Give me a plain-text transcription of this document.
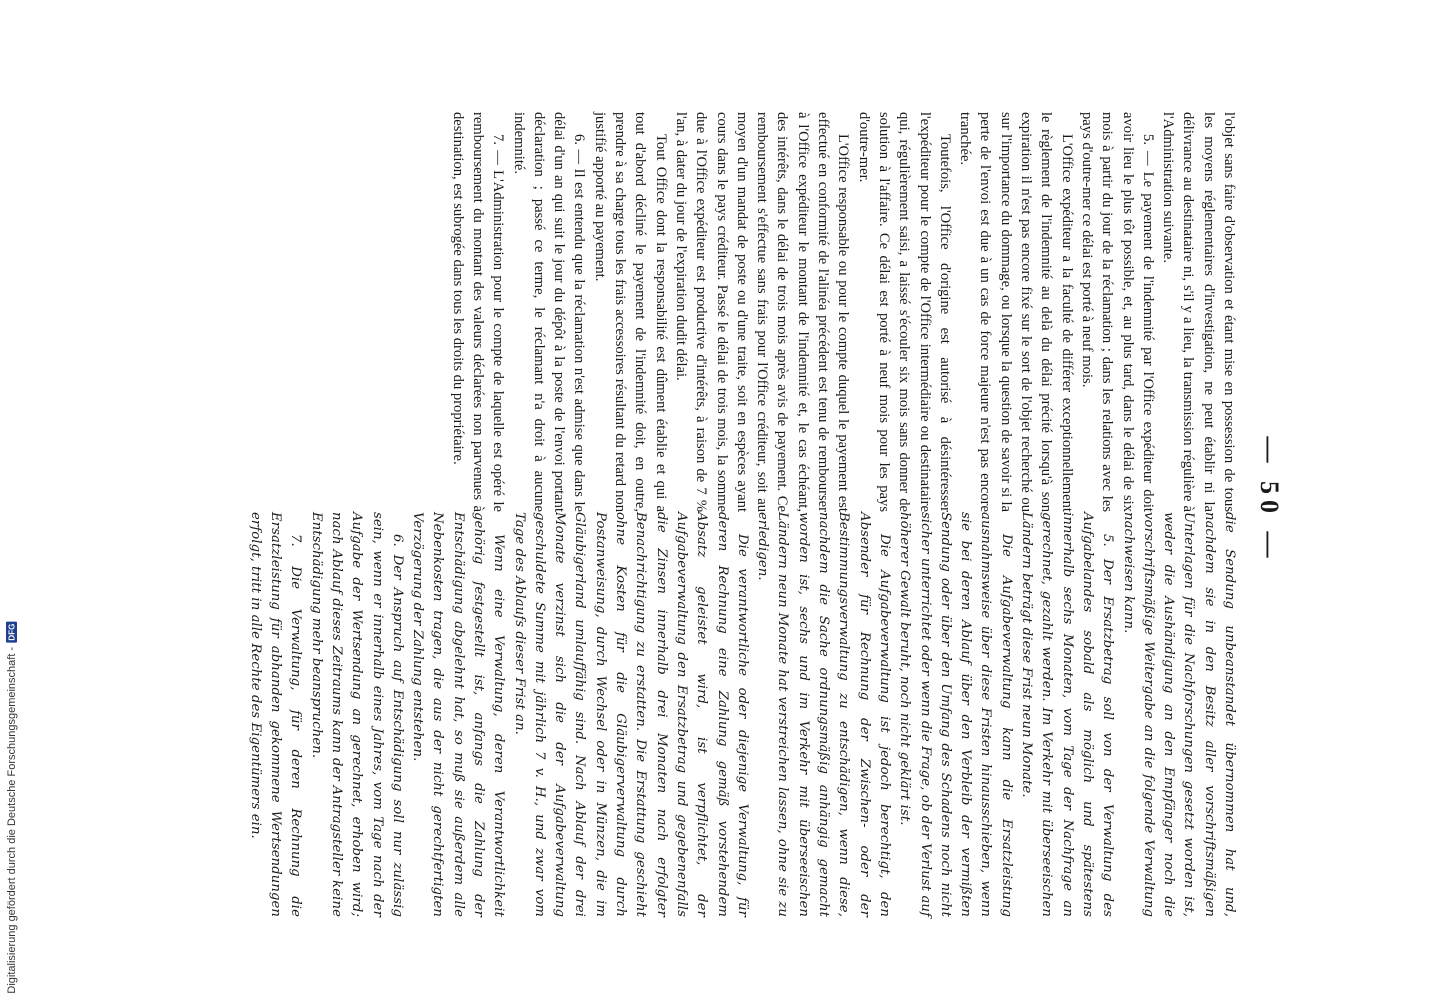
— 50 —

l'objet sans faire d'observation et étant mise en possession de tous les moyens réglementaires d'investigation, ne peut établir ni la délivrance au destinataire ni, s'il y a lieu, la transmission régulière à l'Administration suivante.

5. — Le payement de l'indemnité par l'Office expéditeur doit avoir lieu le plus tôt possible, et, au plus tard, dans le délai de six mois à partir du jour de la réclamation ; dans les relations avec les pays d'outre-mer ce délai est porté à neuf mois.

L'Office expéditeur a la faculté de différer exceptionnellement le règlement de l'indemnité au delà du délai précité lorsqu'à son expiration il n'est pas encore fixé sur le sort de l'objet recherché ou sur l'importance du dommage, ou lorsque la question de savoir si la perte de l'envoi est due à un cas de force majeure n'est pas encore tranchée.

Toutefois, l'Office d'origine est autorisé à désintéresser l'expéditeur pour le compte de l'Office intermédiaire ou destinataire qui, régulièrement saisi, a laissé s'écouler six mois sans donner de solution à l'affaire. Ce délai est porté à neuf mois pour les pays d'outre-mer.

L'Office responsable ou pour le compte duquel le payement est effectué en conformité de l'alinéa précédent est tenu de rembourser à l'Office expéditeur le montant de l'indemnité et, le cas échéant, des intérêts, dans le délai de trois mois après avis de payement. Ce remboursement s'effectue sans frais pour l'Office créditeur, soit au moyen d'un mandat de poste ou d'une traite, soit en espèces ayant cours dans le pays créditeur. Passé le délai de trois mois, la somme due à l'Office expéditeur est productive d'intérêts, à raison de 7 % l'an, à dater du jour de l'expiration dudit délai.

Tout Office dont la responsabilité est dûment établie et qui a tout d'abord décliné le payement de l'indemnité doit, en outre, prendre à sa charge tous les frais accessoires résultant du retard non justifié apporté au payement.

6. — Il est entendu que la réclamation n'est admise que dans le délai d'un an qui suit le jour du dépôt à la poste de l'envoi portant déclaration ; passé ce terme, le réclamant n'a droit à aucune indemnité.

7. — L'Administration pour le compte de laquelle est opéré le remboursement du montant des valeurs déclarées non parvenues à destination, est subrogée dans tous les droits du propriétaire.

die Sendung unbeanstandet übernommen hat und, nachdem sie in den Besitz aller vorschriftsmäßigen Unterlagen für die Nachforschungen gesetzt worden ist, weder die Aushändigung an den Empfänger noch die vorschriftsmäßige Weitergabe an die folgende Verwaltung nachweisen kann.

5. Der Ersatzbetrag soll von der Verwaltung des Aufgabelandes sobald als möglich und spätestens innerhalb sechs Monaten, vom Tage der Nachfrage an gerechnet, gezahlt werden. Im Verkehr mit überseeischen Ländern beträgt diese Frist neun Monate.

Die Aufgabeverwaltung kann die Ersatzleistung ausnahmsweise über diese Fristen hinausschieben, wenn sie bei deren Ablauf über den Verbleib der vermißten Sendung oder über den Umfang des Schadens noch nicht sicher unterrichtet oder wenn die Frage, ob der Verlust auf höherer Gewalt beruht, noch nicht geklärt ist.

Die Aufgabeverwaltung ist jedoch berechtigt, den Absender für Rechnung der Zwischen- oder der Bestimmungsverwaltung zu entschädigen, wenn diese, nachdem die Sache ordnungsmäßig anhängig gemacht worden ist, sechs und im Verkehr mit überseeischen Ländern neun Monate hat verstreichen lassen, ohne sie zu erledigen.

Die verantwortliche oder diejenige Verwaltung, für deren Rechnung eine Zahlung gemäß vorstehendem Absatz geleistet wird, ist verpflichtet, der Aufgabeverwaltung den Ersatzbetrag und gegebenenfalls die Zinsen innerhalb drei Monaten nach erfolgter Benachrichtigung zu erstatten. Die Erstattung geschieht ohne Kosten für die Gläubigerverwaltung durch Postanweisung, durch Wechsel oder in Münzen, die im Gläubigerland umlauffähig sind. Nach Ablauf der drei Monate verzinst sich die der Aufgabeverwaltung geschuldete Summe mit jährlich 7 v. H., und zwar vom Tage des Ablaufs dieser Frist an.

Wenn eine Verwaltung, deren Verantwortlichkeit gehörig festgestellt ist, anfangs die Zahlung der Entschädigung abgelehnt hat, so muß sie außerdem alle Nebenkosten tragen, die aus der nicht gerechtfertigten Verzögerung der Zahlung entstehen.

6. Der Anspruch auf Entschädigung soll nur zulässig sein, wenn er innerhalb eines Jahres, vom Tage nach der Aufgabe der Wertsendung an gerechnet, erhoben wird; nach Ablauf dieses Zeitraums kann der Antragsteller keine Entschädigung mehr beanspruchen.

7. Die Verwaltung, für deren Rechnung die Ersatzleistung für abhanden gekommene Wertsendungen erfolgt, tritt in alle Rechte des Eigentümers ein.

Digitalisierung gefördert durch die Deutsche Forschungsgemeinschaft -
DFG
